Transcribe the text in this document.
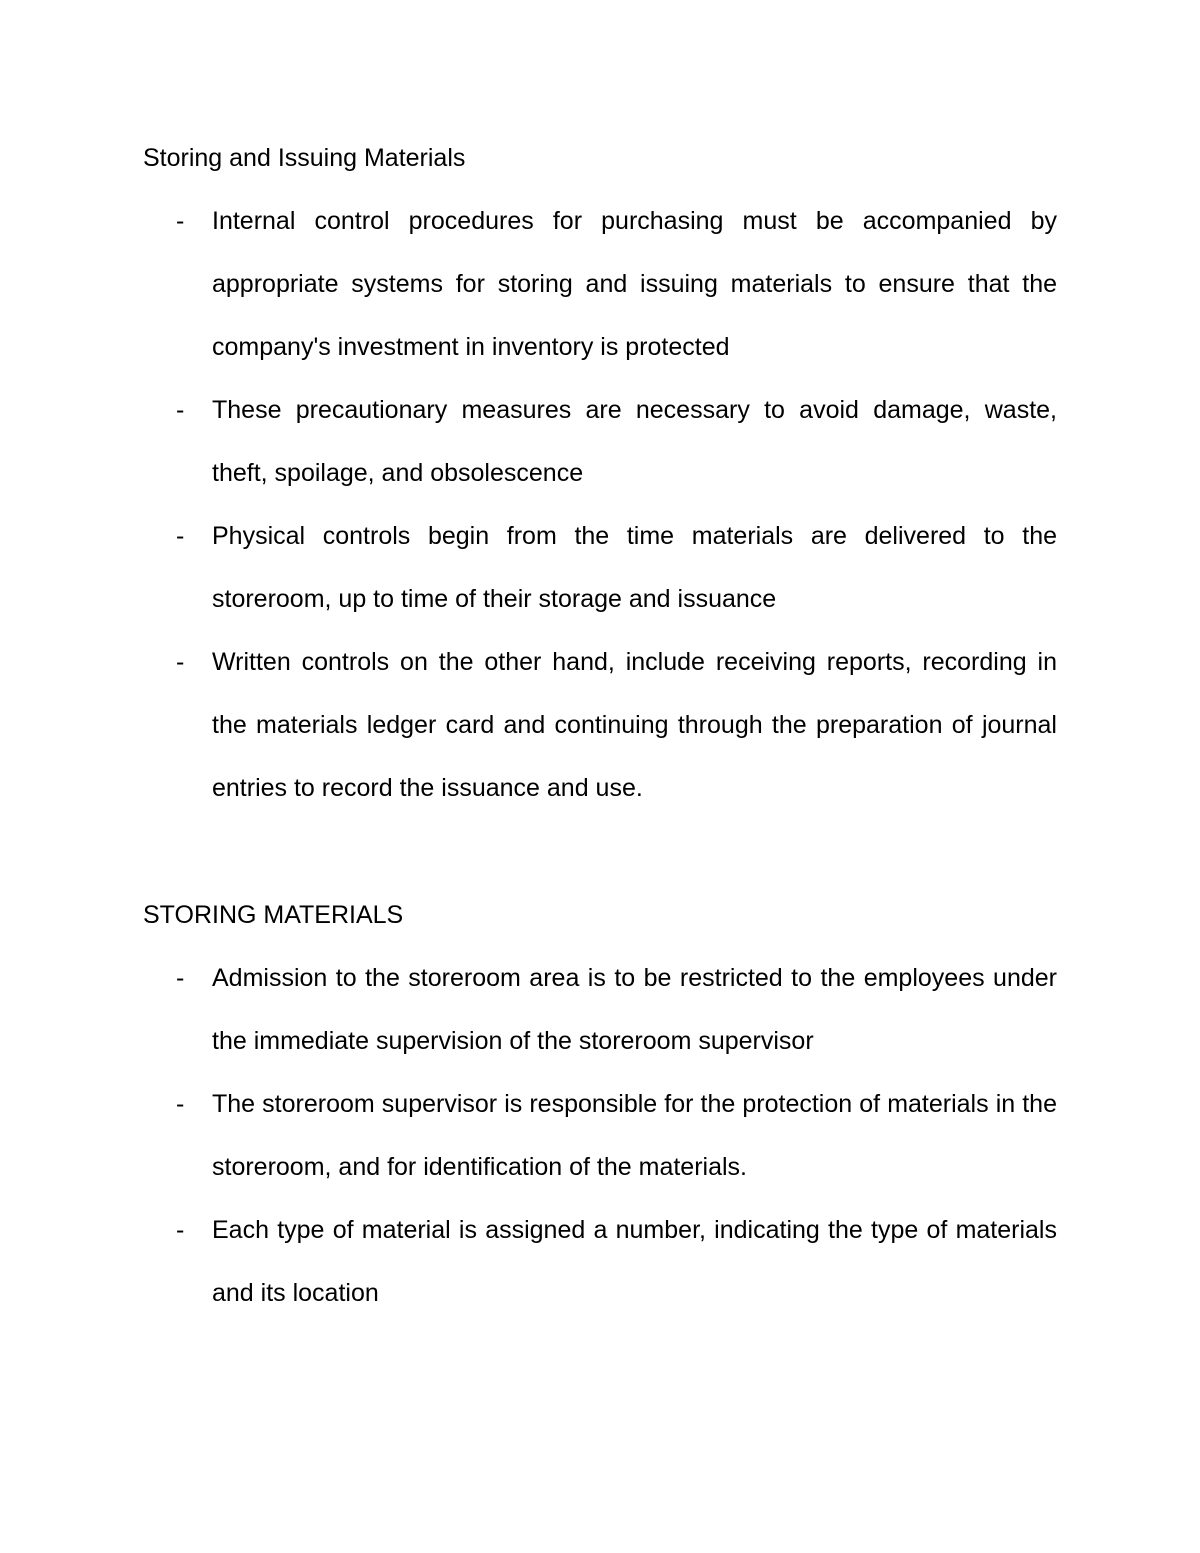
Storing and Issuing Materials
- Internal control procedures for purchasing must be accompanied by appropriate systems for storing and issuing materials to ensure that the company's investment in inventory is protected
- These precautionary measures are necessary to avoid damage, waste, theft, spoilage, and obsolescence
- Physical controls begin from the time materials are delivered to the storeroom, up to time of their storage and issuance
- Written controls on the other hand, include receiving reports, recording in the materials ledger card and continuing through the preparation of journal entries to record the issuance and use.
STORING MATERIALS
- Admission to the storeroom area is to be restricted to the employees under the immediate supervision of the storeroom supervisor
- The storeroom supervisor is responsible for the protection of materials in the storeroom, and for identification of the materials.
- Each type of material is assigned a number, indicating the type of materials and its location
